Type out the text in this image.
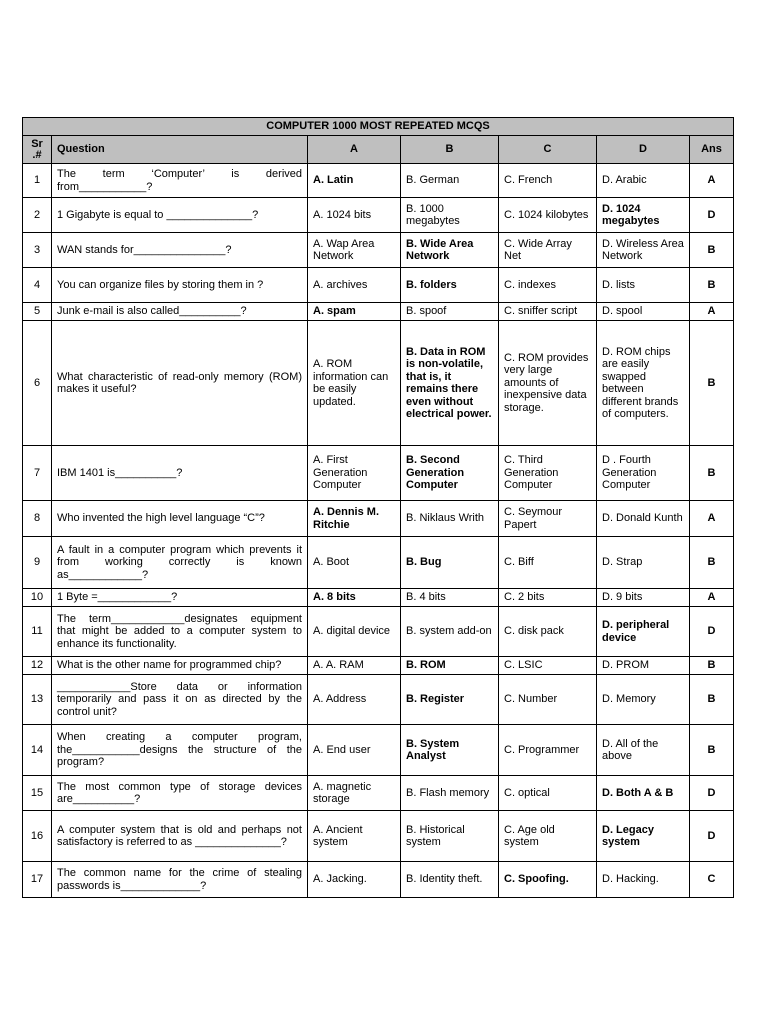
COMPUTER 1000 MOST REPEATED MCQS						
Sr .#	Question	A	B	C	D	Ans
1	The term ‘Computer’ is derived from___________?	A. Latin	B. German	C. French	D. Arabic	A
2	1 Gigabyte is equal to ______________?	A. 1024 bits	B. 1000 megabytes	C. 1024 kilobytes	D. 1024 megabytes	D
3	WAN stands for_______________?	A. Wap Area Network	B. Wide Area Network	C. Wide Array Net	D. Wireless Area Network	B
4	You can organize files by storing them in ?	A. archives	B. folders	C. indexes	D. lists	B
5	Junk e-mail is also called__________?	A. spam	B. spoof	C. sniffer script	D. spool	A
6	What characteristic of read-only memory (ROM) makes it useful?	A. ROM information can be easily updated.	B. Data in ROM is non-volatile, that is, it remains there even without electrical power.	C. ROM provides very large amounts of inexpensive data storage.	D. ROM chips are easily swapped between different brands of computers.	B
7	IBM 1401 is__________?	A. First Generation Computer	B. Second Generation Computer	C. Third Generation Computer	D . Fourth Generation Computer	B
8	Who invented the high level language “C”?	A. Dennis M. Ritchie	B. Niklaus Writh	C. Seymour Papert	D. Donald Kunth	A
9	A fault in a computer program which prevents it from working correctly is known as____________?	A. Boot	B. Bug	C. Biff	D. Strap	B
10	1 Byte =____________?	A. 8 bits	B. 4 bits	C. 2 bits	D. 9 bits	A
11	The term____________designates equipment that might be added to a computer system to enhance its functionality.	A. digital device	B. system add-on	C. disk pack	D. peripheral device	D
12	What is the other name for programmed chip?	A. A. RAM	B. ROM	C. LSIC	D. PROM	B
13	____________Store data or information temporarily and pass it on as directed by the control unit?	A. Address	B. Register	C. Number	D. Memory	B
14	When creating a computer program, the___________designs the structure of the program?	A. End user	B. System Analyst	C. Programmer	D. All of the above	B
15	The most common type of storage devices are__________?	A. magnetic storage	B. Flash memory	C. optical	D. Both A & B	D
16	A computer system that is old and perhaps not satisfactory is referred to as ______________?	A. Ancient system	B. Historical system	C. Age old system	D. Legacy system	D
17	The common name for the crime of stealing passwords is_____________?	A. Jacking.	B. Identity theft.	C. Spoofing.	D. Hacking.	C
